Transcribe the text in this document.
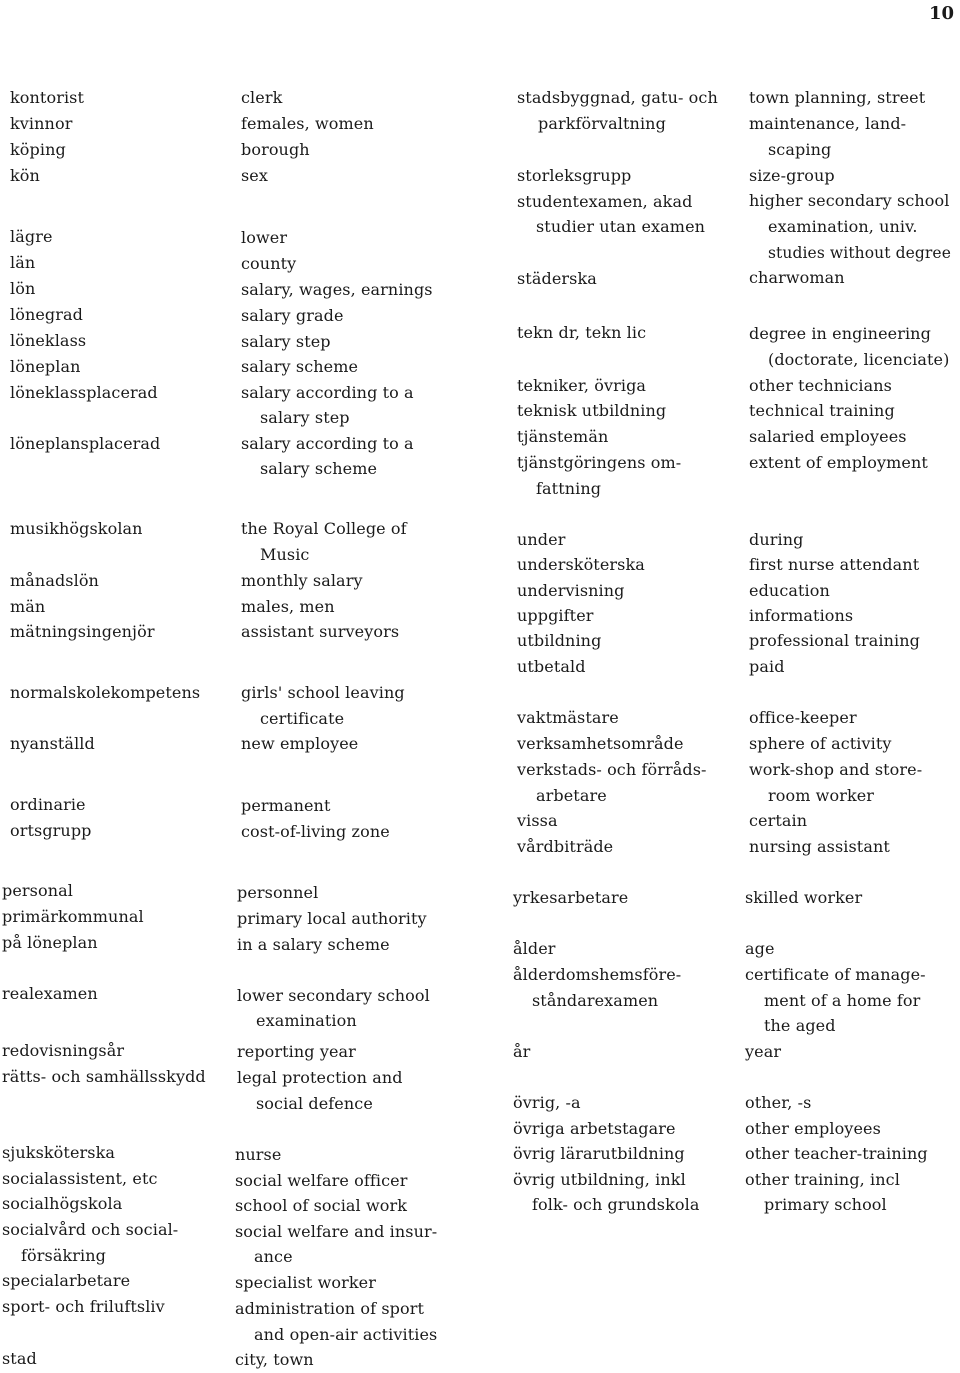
10
kontorist
kvinnor
köping
kön
lägre
län
lön
lönegrad
löneklass
löneplan
löneklassplacerad
löneplansplacerad
musikhögskolan
månadslön
män
mätningsingenjör
normalskolekompetens
nyanställd
ordinarie
ortsgrupp
personal
primärkommunal
på löneplan
realexamen
redovisningsår
rätts- och samhällsskydd
sjuksköterska
socialassistent, etc
socialhögskola
socialvård och social-
försäkring
specialarbetare
sport- och friluftsliv
stad
clerk
females, women
borough
sex
lower
county
salary, wages, earnings
salary grade
salary step
salary scheme
salary according to a
salary step
salary according to a
salary scheme
the Royal College of
Music
monthly salary
males, men
assistant surveyors
girls' school leaving
certificate
new employee
permanent
cost-of-living zone
personnel
primary local authority
in a salary scheme
lower secondary school
examination
reporting year
legal protection and
social defence
nurse
social welfare officer
school of social work
social welfare and insur-
ance
specialist worker
administration of sport
and open-air activities
city, town
stadsbyggnad, gatu- och
parkförvaltning
storleksgrupp
studentexamen, akad
studier utan examen
städerska
tekn dr, tekn lic
tekniker, övriga
teknisk utbildning
tjänstemän
tjänstgöringens om-
fattning
under
undersköterska
undervisning
uppgifter
utbildning
utbetald
vaktmästare
verksamhetsområde
verkstads- och förråds-
arbetare
vissa
vårdbiträde
yrkesarbetare
ålder
ålderdomshemsföre-
ståndarexamen
år
övrig, -a
övriga arbetstagare
övrig lärarutbildning
övrig utbildning, inkl
folk- och grundskola
town planning, street
maintenance, land-
scaping
size-group
higher secondary school
examination, univ.
studies without degree
charwoman
degree in engineering
(doctorate, licenciate)
other technicians
technical training
salaried employees
extent of employment
during
first nurse attendant
education
informations
professional training
paid
office-keeper
sphere of activity
work-shop and store-
room worker
certain
nursing assistant
skilled worker
age
certificate of manage-
ment of a home for
the aged
year
other, -s
other employees
other teacher-training
other training, incl
primary school
